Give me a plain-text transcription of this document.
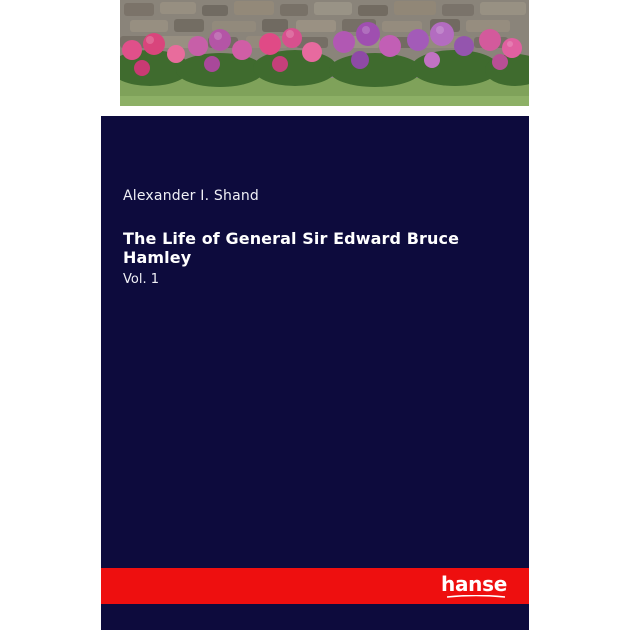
Alexander I. Shand
The Life of General Sir Edward Bruce Hamley
Vol. 1
hanse
